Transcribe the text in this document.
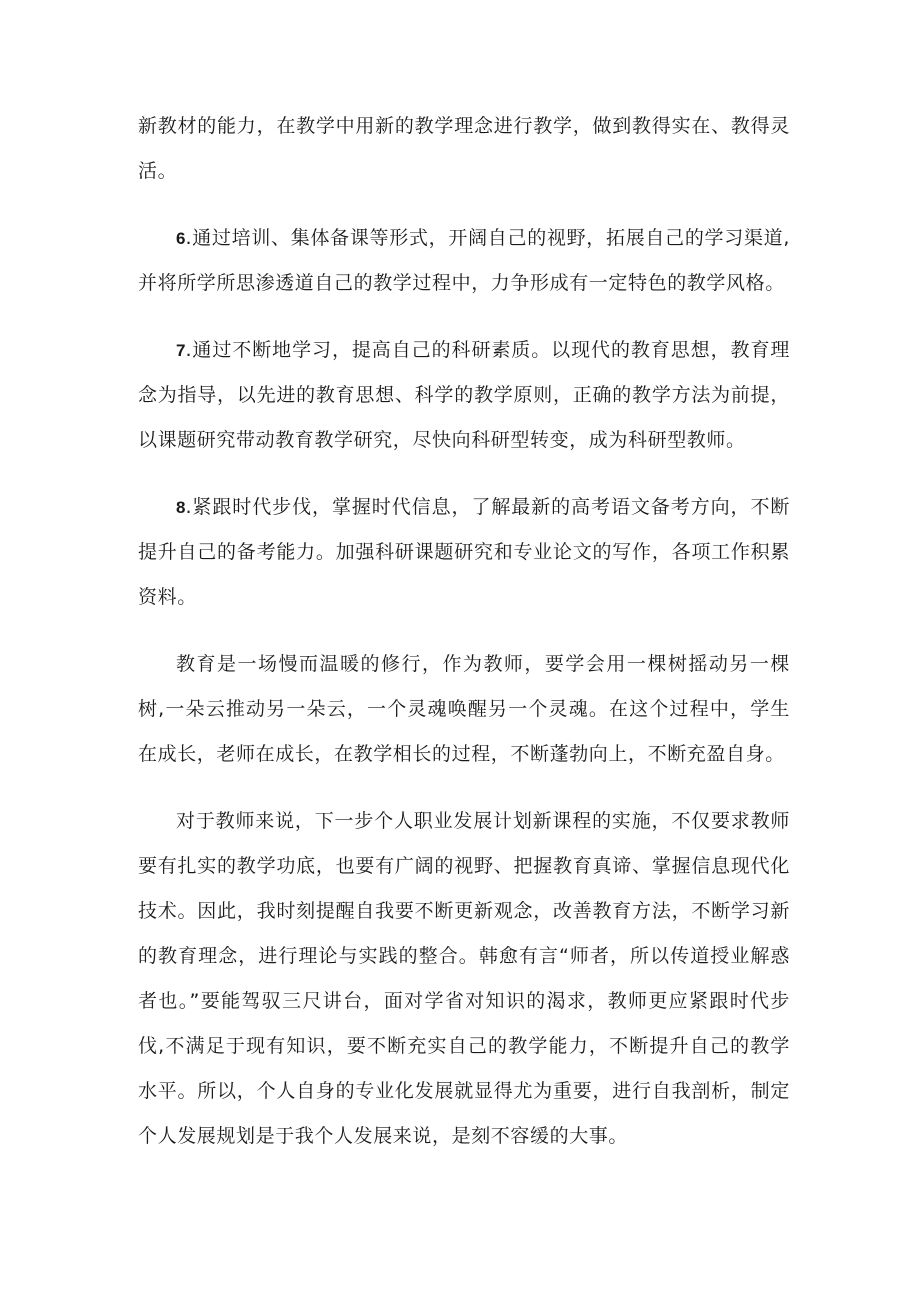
新教材的能力，在教学中用新的教学理念进行教学，做到教得实在、教得灵活。

6.通过培训、集体备课等形式，开阔自己的视野，拓展自己的学习渠道,并将所学所思渗透道自己的教学过程中，力争形成有一定特色的教学风格。

7.通过不断地学习，提高自己的科研素质。以现代的教育思想，教育理念为指导，以先进的教育思想、科学的教学原则，正确的教学方法为前提，以课题研究带动教育教学研究，尽快向科研型转变，成为科研型教师。

8.紧跟时代步伐，掌握时代信息，了解最新的高考语文备考方向，不断提升自己的备考能力。加强科研课题研究和专业论文的写作，各项工作积累资料。

教育是一场慢而温暖的修行，作为教师，要学会用一棵树摇动另一棵树,一朵云推动另一朵云，一个灵魂唤醒另一个灵魂。在这个过程中，学生在成长，老师在成长，在教学相长的过程，不断蓬勃向上，不断充盈自身。

对于教师来说，下一步个人职业发展计划新课程的实施，不仅要求教师要有扎实的教学功底，也要有广阔的视野、把握教育真谛、掌握信息现代化技术。因此，我时刻提醒自我要不断更新观念，改善教育方法，不断学习新的教育理念，进行理论与实践的整合。韩愈有言“师者，所以传道授业解惑者也。”要能驾驭三尺讲台，面对学省对知识的渴求，教师更应紧跟时代步伐,不满足于现有知识，要不断充实自己的教学能力，不断提升自己的教学水平。所以，个人自身的专业化发展就显得尤为重要，进行自我剖析，制定个人发展规划是于我个人发展来说，是刻不容缓的大事。
